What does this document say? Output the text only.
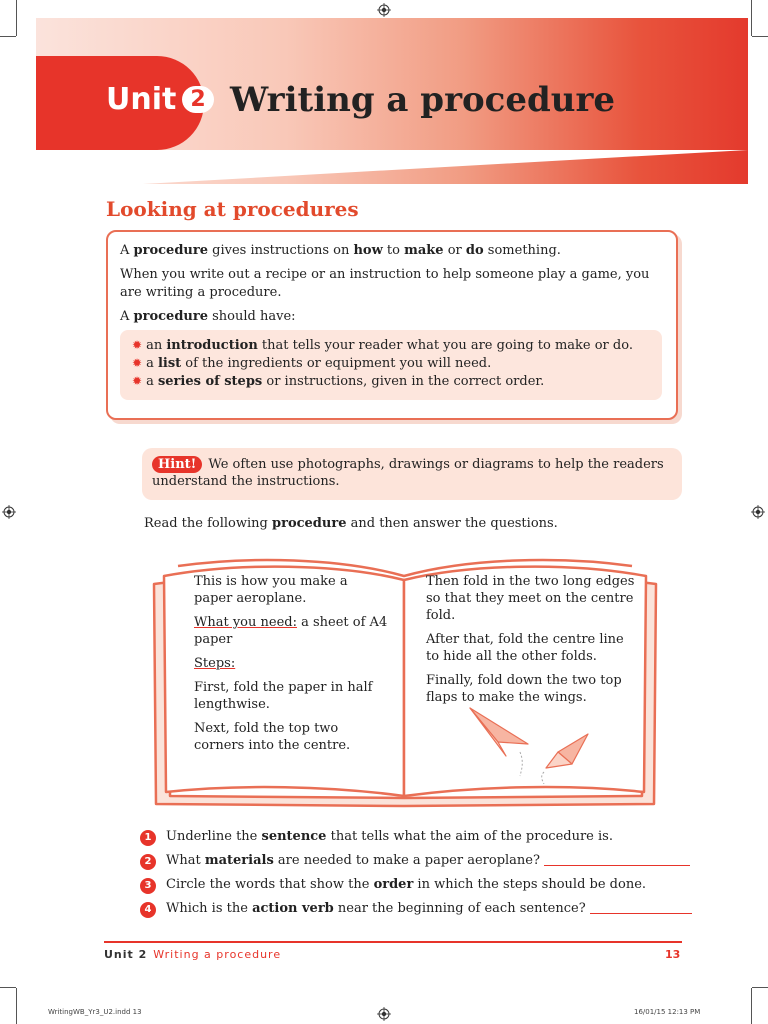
Unit 2 Writing a procedure
Looking at procedures

A procedure gives instructions on how to make or do something.

When you write out a recipe or an instruction to help someone play a game, you are writing a procedure.

A procedure should have:

✹ an introduction that tells your reader what you are going to make or do.
✹ a list of the ingredients or equipment you will need.
✹ a series of steps or instructions, given in the correct order.
Hint! We often use photographs, drawings or diagrams to help the readers understand the instructions.
Read the following procedure and then answer the questions.

This is how you make a paper aeroplane.

What you need: a sheet of A4 paper

Steps:

First, fold the paper in half lengthwise.

Next, fold the top two corners into the centre.

Then fold in the two long edges so that they meet on the centre fold.

After that, fold the centre line to hide all the other folds.

Finally, fold down the two top flaps to make the wings.

1 Underline the sentence that tells what the aim of the procedure is.
2 What materials are needed to make a paper aeroplane?
3 Circle the words that show the order in which the steps should be done.
4 Which is the action verb near the beginning of each sentence?
Unit 2 Writing a procedure	13
WritingWB_Yr3_U2.indd 13	16/01/15 12:13 PM
